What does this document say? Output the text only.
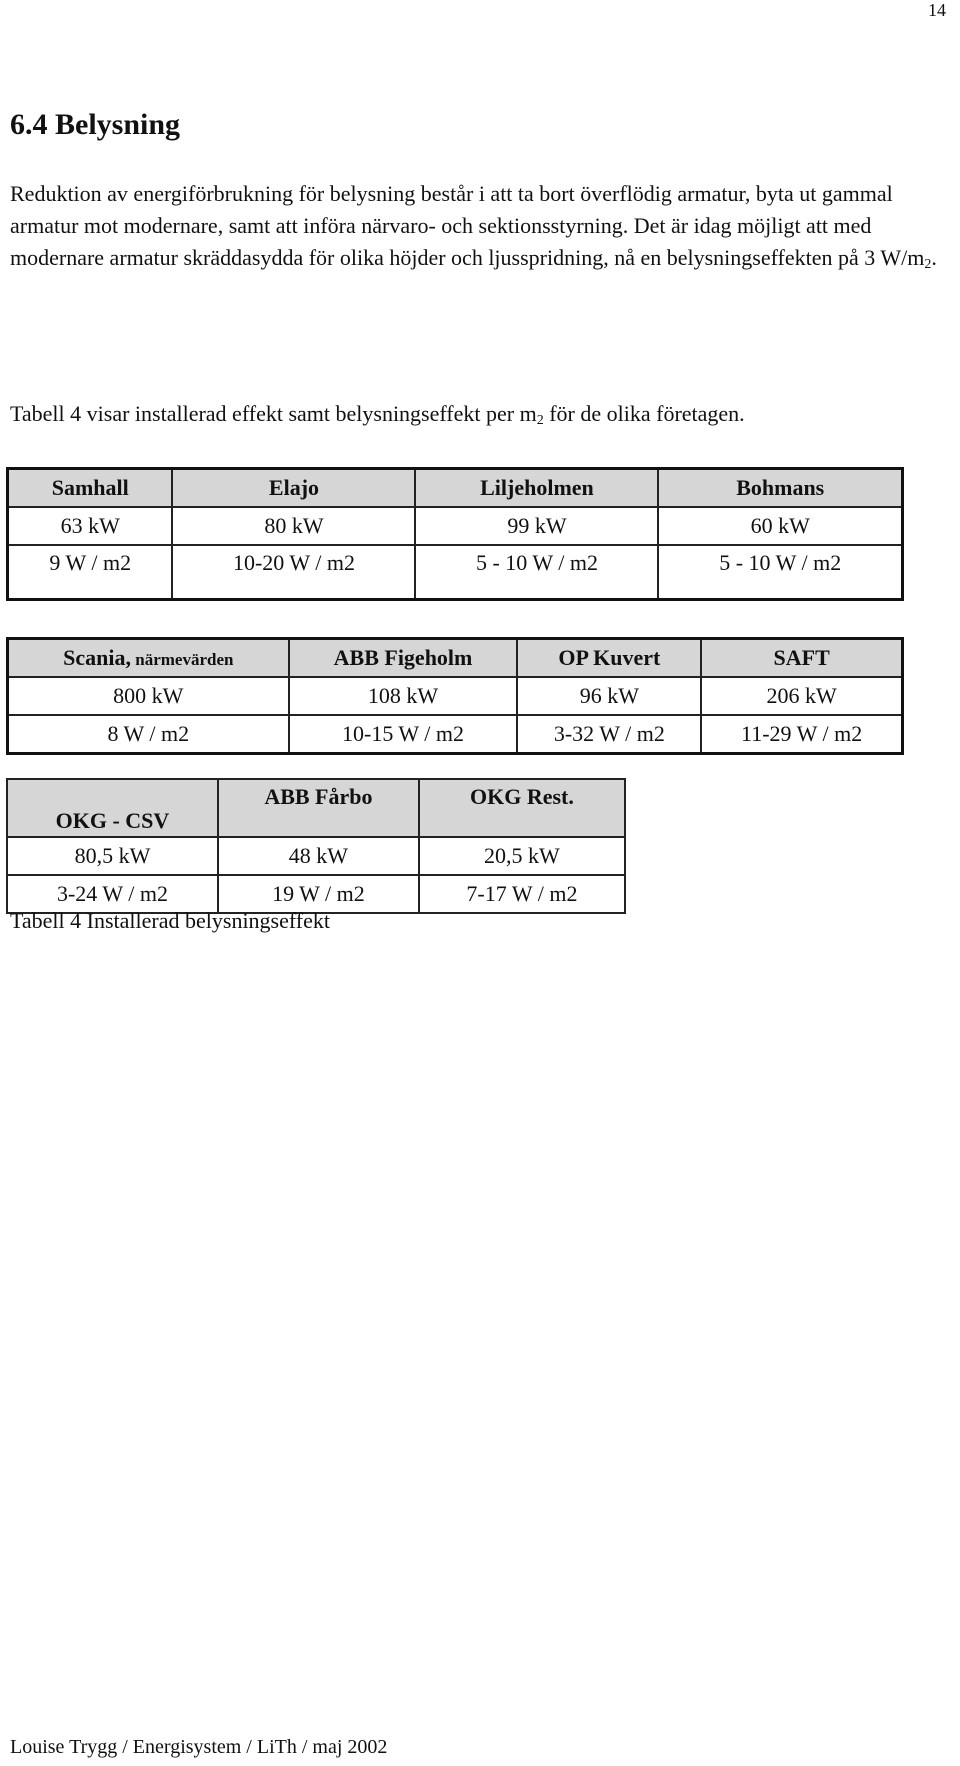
14
6.4 Belysning

Reduktion av energiförbrukning för belysning består i att ta bort överflödig armatur, byta ut gammal armatur mot modernare, samt att införa närvaro- och sektionsstyrning. Det är idag möjligt att med modernare armatur skräddasydda för olika höjder och ljusspridning, nå en belysningseffekten på 3 $W/m_2$.

Tabell 4 visar installerad effekt samt belysningseffekt per $m_2$ för de olika företagen.

Samhall	Elajo	Liljeholmen	Bohmans
63 kW	80 kW	99 kW	60 kW
9 W / m2	10-20 W / m2	5 - 10 W / m2	5 - 10 W / m2
Scania, närmevärden	ABB Figeholm	OP Kuvert	SAFT
800 kW	108 kW	96 kW	206 kW
8 W / m2	10-15 W / m2	3-32 W / m2	11-29 W / m2
OKG - CSV	ABB Fårbo	OKG Rest.
80,5 kW	48 kW	20,5 kW
3-24 W / m2	19 W / m2	7-17 W / m2

Tabell 4 Installerad belysningseffekt

Louise Trygg / Energisystem / LiTh / maj 2002
